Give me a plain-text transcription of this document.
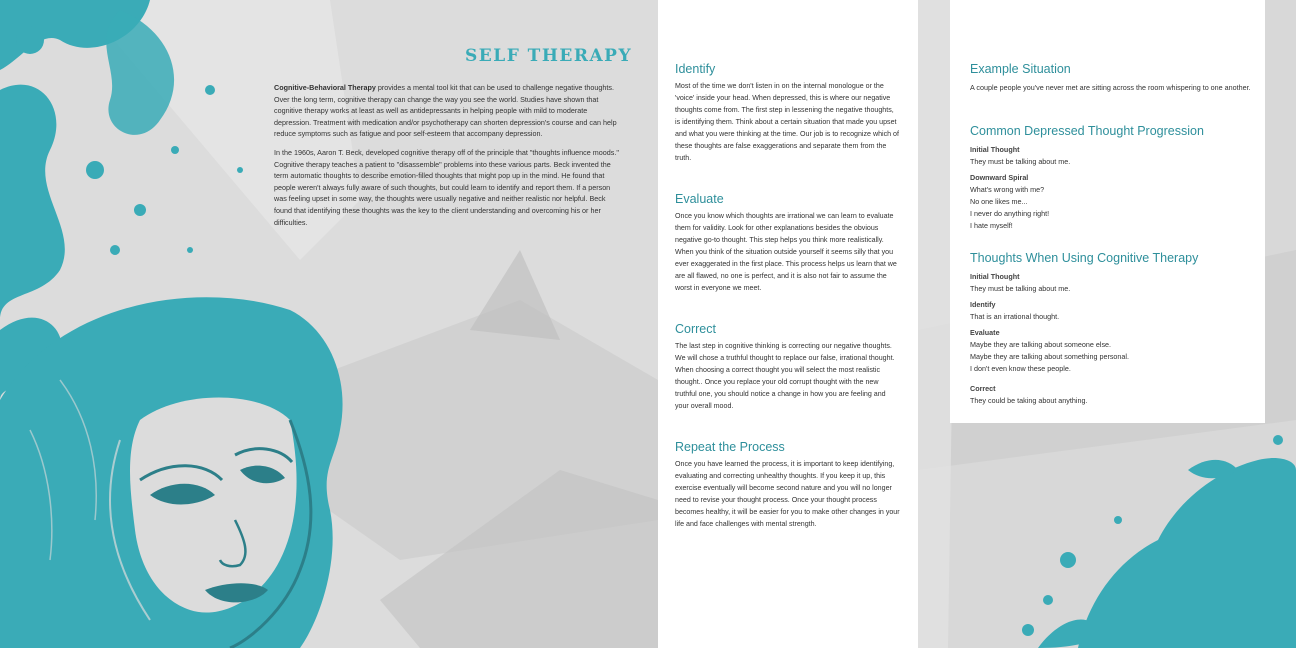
SELF THERAPY

Cognitive-Behavioral Therapy provides a mental tool kit that can be used to challenge negative thoughts. Over the long term, cognitive therapy can change the way you see the world. Studies have shown that cognitive therapy works at least as well as antidepressants in helping people with mild to moderate depression. Treatment with medication and/or psychotherapy can shorten depression's course and can help reduce symptoms such as fatigue and poor self-esteem that accompany depression.

In the 1960s, Aaron T. Beck, developed cognitive therapy off of the principle that "thoughts influence moods." Cognitive therapy teaches a patient to "disassemble" problems into these various parts. Beck invented the term automatic thoughts to describe emotion-filled thoughts that might pop up in the mind. He found that people weren't always fully aware of such thoughts, but could learn to identify and report them. If a person was feeling upset in some way, the thoughts were usually negative and neither realistic nor helpful. Beck found that identifying these thoughts was the key to the client understanding and overcoming his or her difficulties.

Identify
Most of the time we don't listen in on the internal monologue or the 'voice' inside your head. When depressed, this is where our negative thoughts come from. The first step in lessening the negative thoughts, is identifying them. Think about a certain situation that made you upset and what you were thinking at the time. Our job is to recognize which of these thoughts are false exaggerations and separate them from the truth.
Evaluate
Once you know which thoughts are irrational we can learn to evaluate them for validity. Look for other explanations besides the obvious negative go-to thought. This step helps you think more realistically. When you think of the situation outside yourself it seems silly that you ever exaggerated in the first place. This process helps us learn that we are all flawed, no one is perfect, and it is also not fair to assume the worst in everyone we meet.
Correct
The last step in cognitive thinking is correcting our negative thoughts. We will chose a truthful thought to replace our false, irrational thought. When choosing a correct thought you will select the most realistic thought.. Once you replace your old corrupt thought with the new truthful one, you should notice a change in how you are feeling and your overall mood.
Repeat the Process
Once you have learned the process, it is important to keep identifying, evaluating and correcting unhealthy thoughts. If you keep it up, this exercise eventually will become second nature and you will no longer need to revise your thought process. Once your thought process becomes healthy, it will be easier for you to make other changes in your life and face challenges with mental strength.
Example Situation
A couple people you've never met are sitting across the room whispering to one another.
Common Depressed Thought Progression
Initial Thought
They must be talking about me.
Downward Spiral
What's wrong with me?
No one likes me...
I never do anything right!
I hate myself!
Thoughts When Using Cognitive Therapy
Initial Thought
They must be talking about me.
Identify
That is an irrational thought.
Evaluate
Maybe they are talking about someone else.
Maybe they are talking about something personal.
I don't even know these people.
Correct
They could be taking about anything.
